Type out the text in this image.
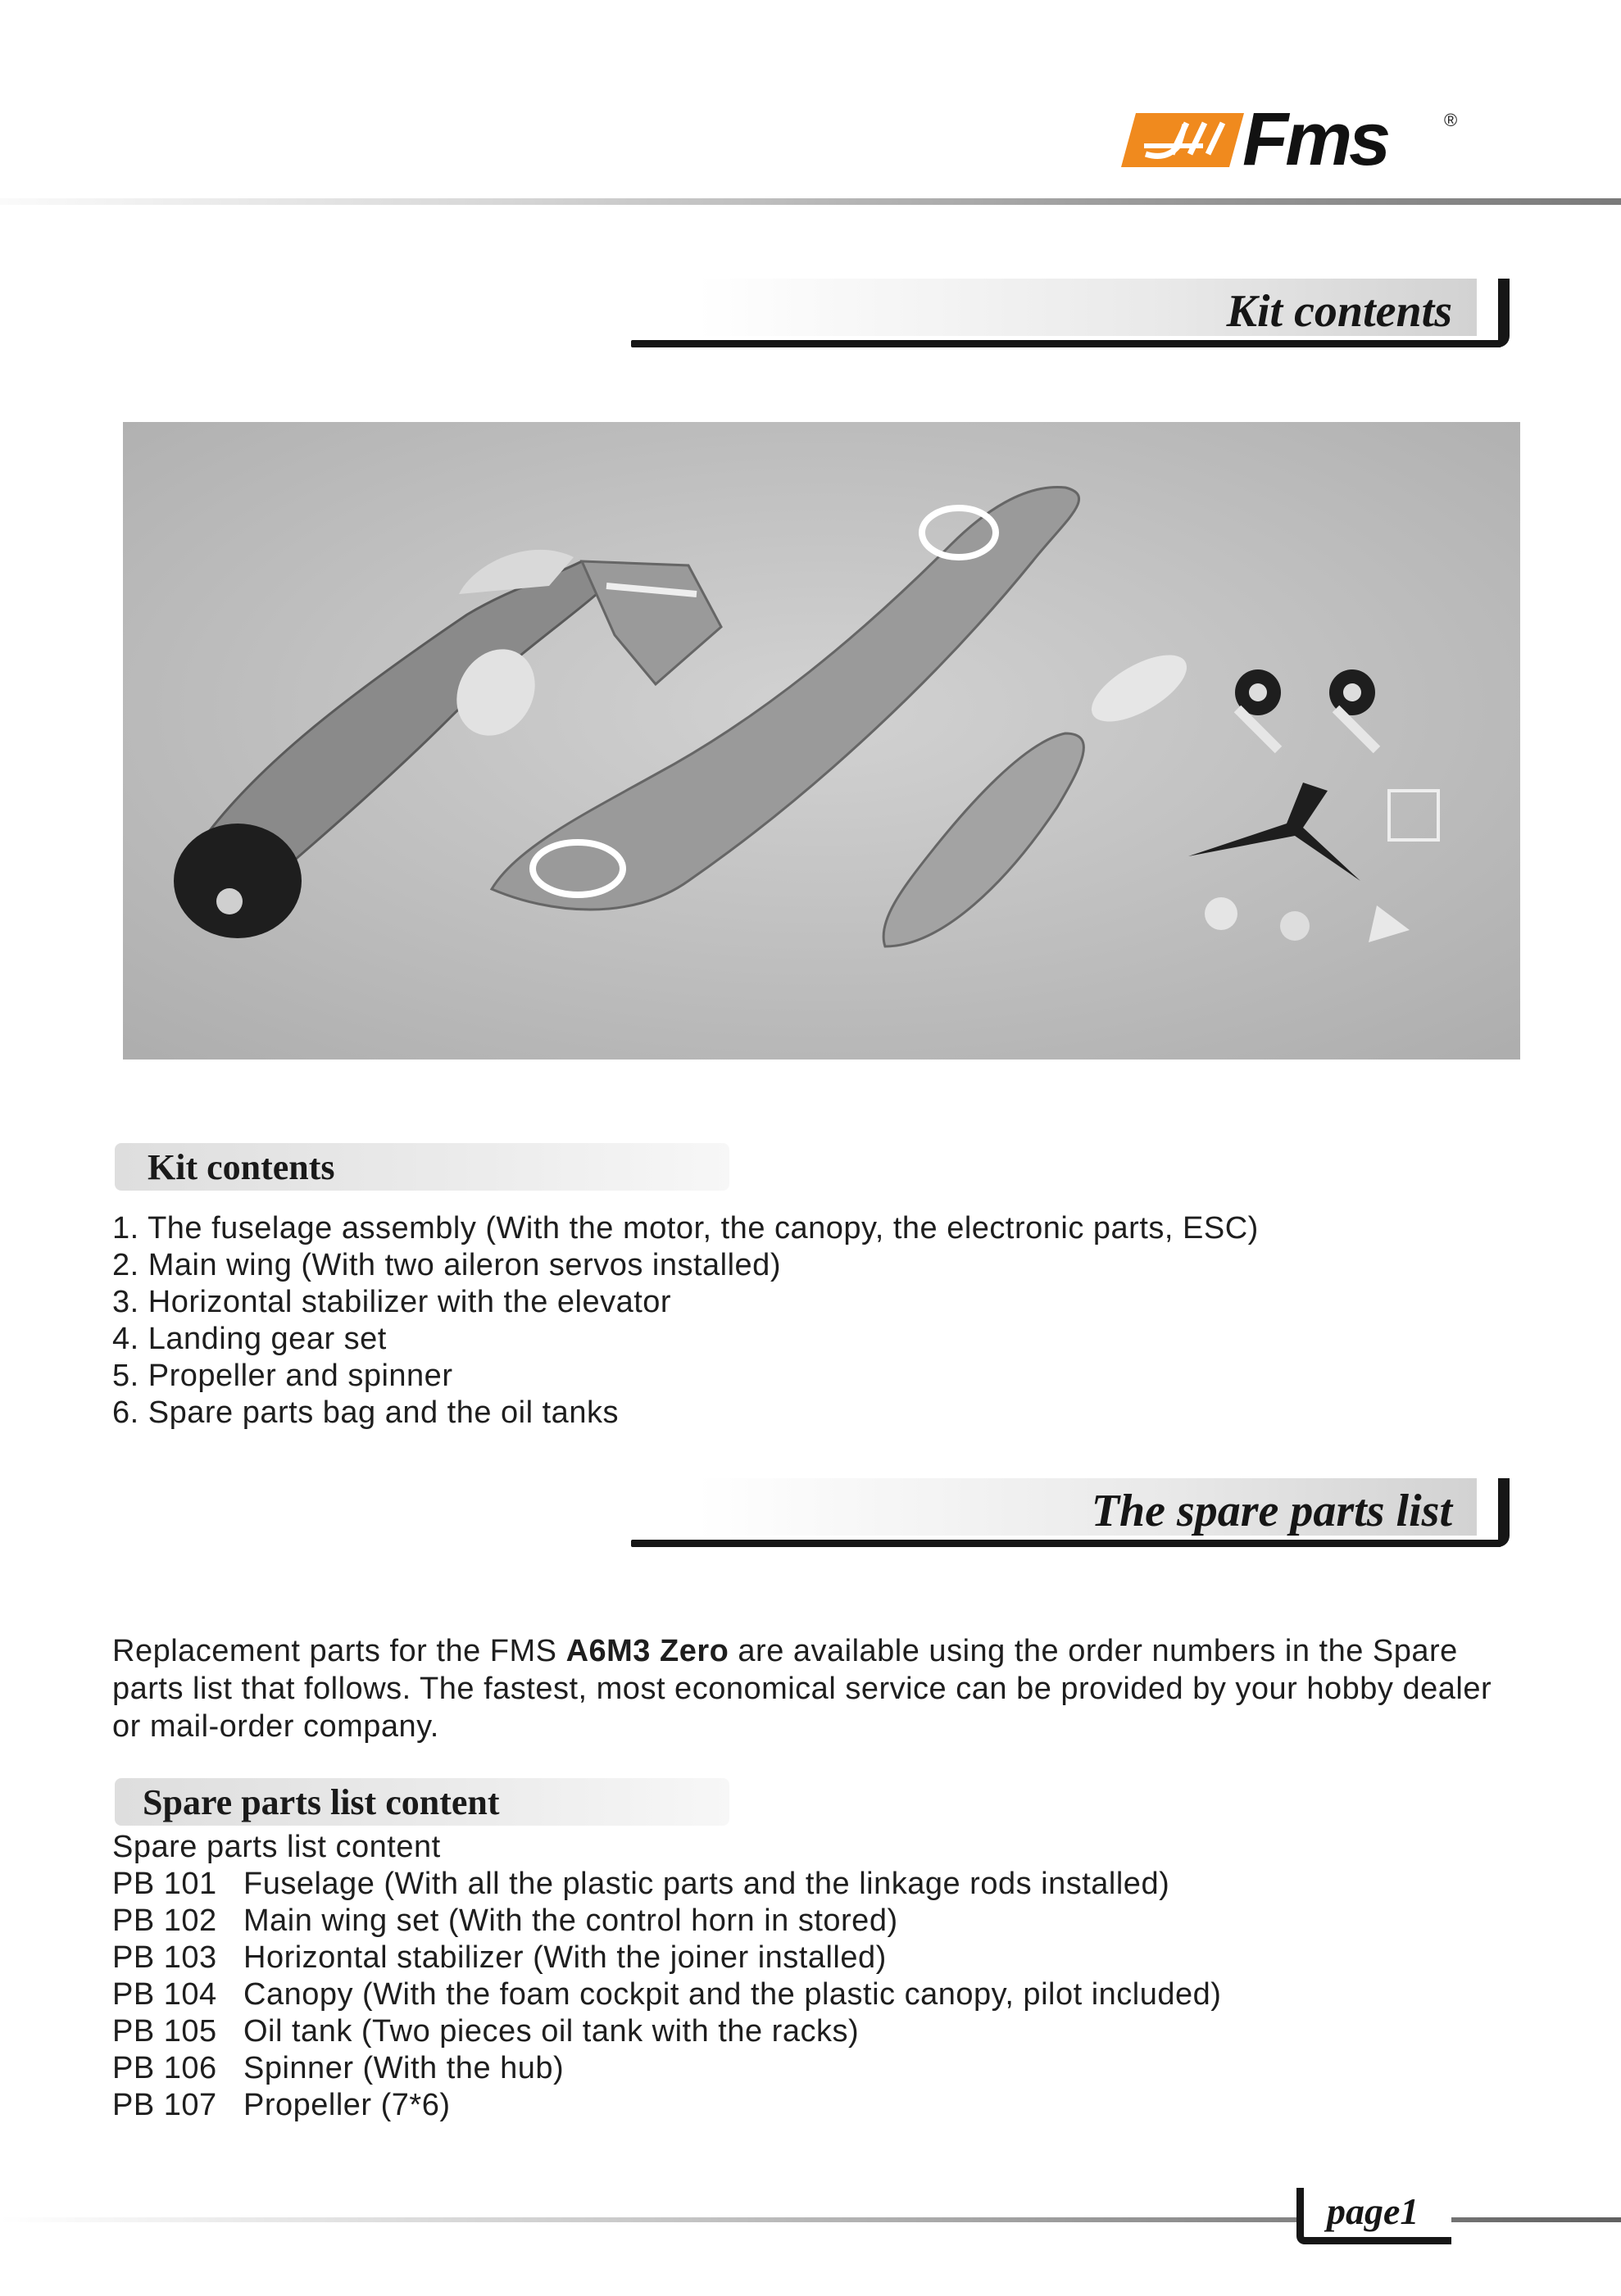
Fms	®
Kit contents
Kit contents
1. The fuselage assembly (With the motor, the canopy, the electronic parts, ESC)
2. Main wing (With two aileron servos installed)
3. Horizontal stabilizer with the elevator
4. Landing gear set
5. Propeller and spinner
6. Spare parts bag and the oil tanks
The spare parts list

Replacement parts for the FMS A6M3 Zero are available using the order numbers in the Spare parts list that follows. The fastest, most economical service can be provided by your hobby dealer or mail-order company.

Spare parts list content
Spare parts list content
PB 101 Fuselage (With all the plastic parts and the linkage rods installed)
PB 102 Main wing set (With the control horn in stored)
PB 103 Horizontal stabilizer (With the joiner installed)
PB 104 Canopy (With the foam cockpit and the plastic canopy, pilot included)
PB 105 Oil tank (Two pieces oil tank with the racks)
PB 106 Spinner (With the hub)
PB 107 Propeller (7*6)
page1
